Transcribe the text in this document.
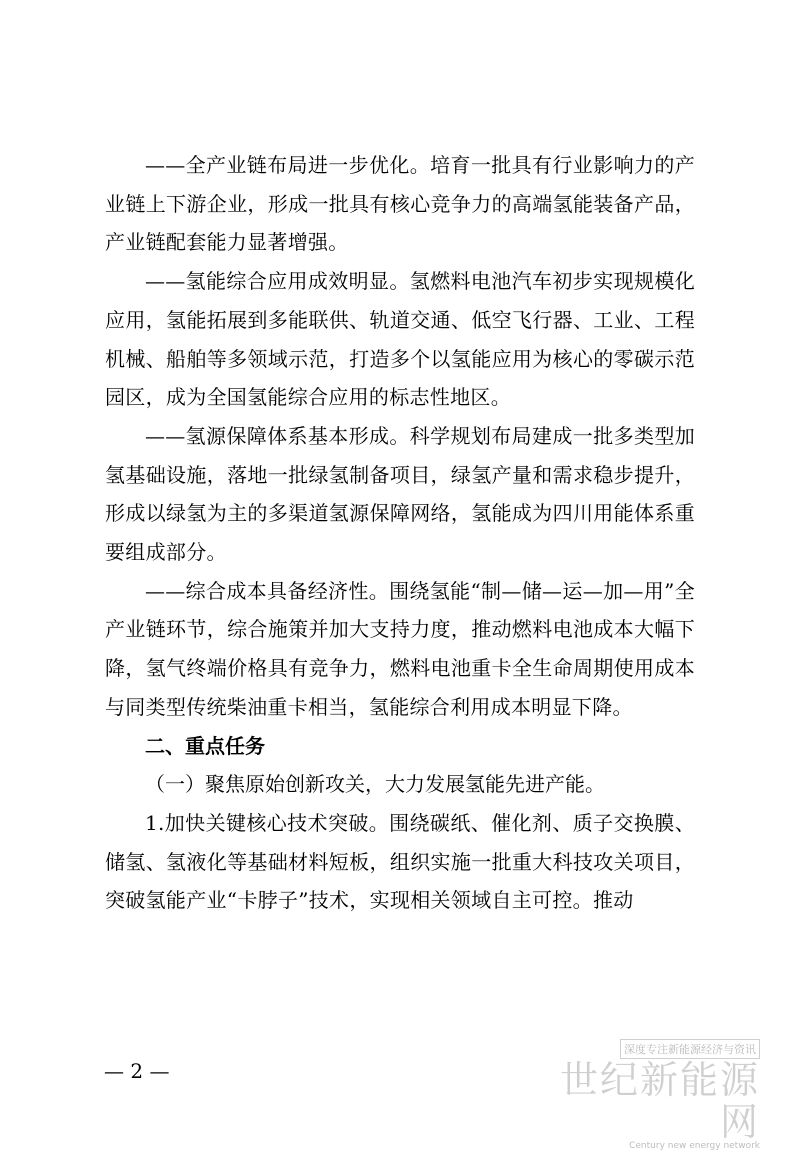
——全产业链布局进一步优化。培育一批具有行业影响力的产业链上下游企业，形成一批具有核心竞争力的高端氢能装备产品，产业链配套能力显著增强。

——氢能综合应用成效明显。氢燃料电池汽车初步实现规模化应用，氢能拓展到多能联供、轨道交通、低空飞行器、工业、工程机械、船舶等多领域示范，打造多个以氢能应用为核心的零碳示范园区，成为全国氢能综合应用的标志性地区。

——氢源保障体系基本形成。科学规划布局建成一批多类型加氢基础设施，落地一批绿氢制备项目，绿氢产量和需求稳步提升，形成以绿氢为主的多渠道氢源保障网络，氢能成为四川用能体系重要组成部分。

——综合成本具备经济性。围绕氢能“制—储—运—加—用”全产业链环节，综合施策并加大支持力度，推动燃料电池成本大幅下降，氢气终端价格具有竞争力，燃料电池重卡全生命周期使用成本与同类型传统柴油重卡相当，氢能综合利用成本明显下降。

二、重点任务

（一）聚焦原始创新攻关，大力发展氢能先进产能。

1.加快关键核心技术突破。围绕碳纸、催化剂、质子交换膜、储氢、氢液化等基础材料短板，组织实施一批重大科技攻关项目，突破氢能产业“卡脖子”技术，实现相关领域自主可控。推动

— 2 —
深度专注新能源经济与资讯
世纪新能源网
Century new energy network
